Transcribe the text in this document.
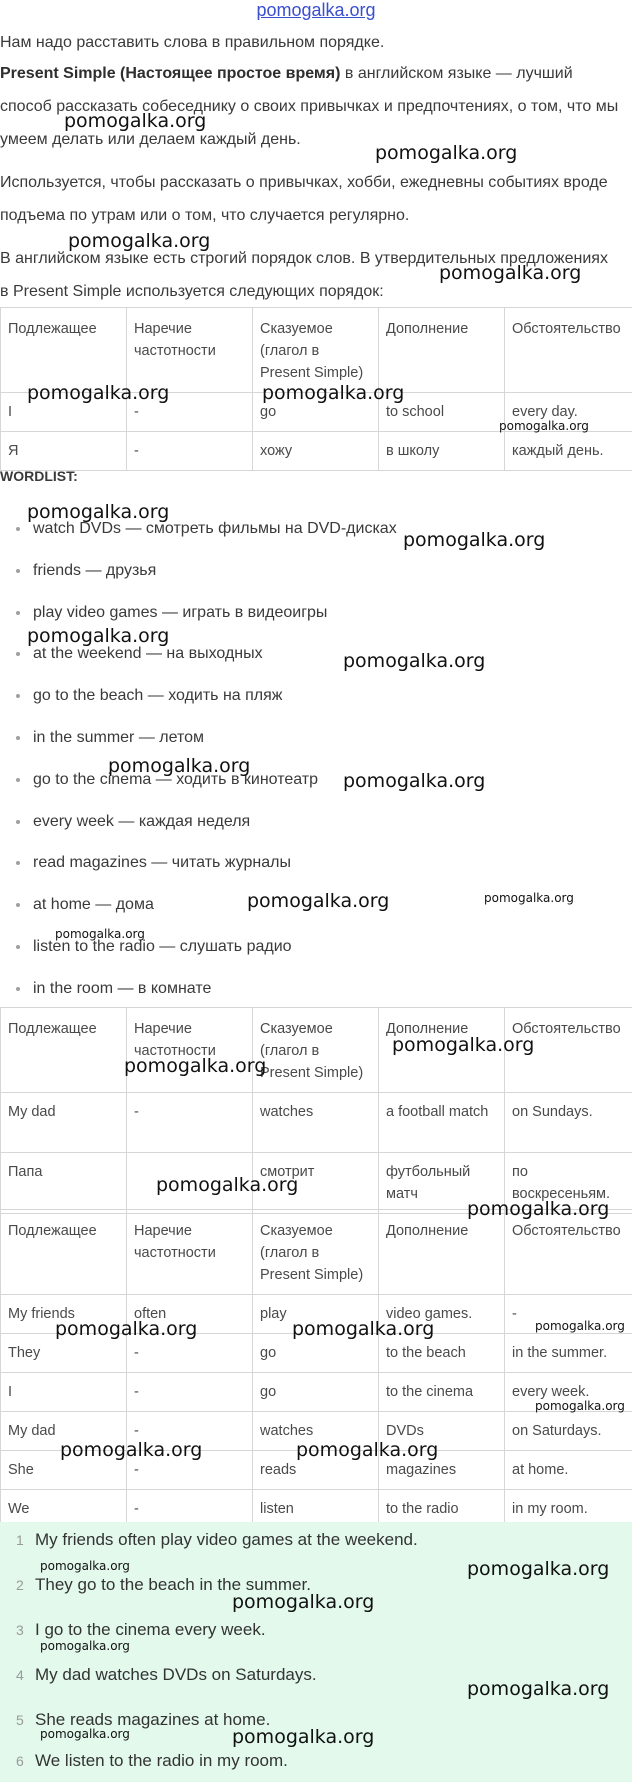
pomogalka.org

Нам надо расставить слова в правильном порядке.

Present Simple (Настоящее простое время) в английском языке — лучший способ рассказать собеседнику о своих привычках и предпочтениях, о том, что мы умеем делать или делаем каждый день.

Используется, чтобы рассказать о привычках, хобби, ежедневны событиях вроде подъема по утрам или о том, что случается регулярно.

В английском языке есть строгий порядок слов. В утвердительных предложениях в Present Simple используется следующих порядок:

Подлежащее	Наречие частотности	Сказуемое (глагол в Present Simple)	Дополнение	Обстоятельство
I	-	go	to school	every day.
Я	-	хожу	в школу	каждый день.
WORDLIST:
watch DVDs — смотреть фильмы на DVD-дисках
friends — друзья
play video games — играть в видеоигры
at the weekend — на выходных
go to the beach — ходить на пляж
in the summer — летом
go to the cinema — ходить в кинотеатр
every week — каждая неделя
read magazines — читать журналы
at home — дома
listen to the radio — слушать радио
in the room — в комнате
Подлежащее	Наречие частотности	Сказуемое (глагол в Present Simple)	Дополнение	Обстоятельство
My dad	-	watches	a football match	on Sundays.
Папа		смотрит	футбольный матч	по воскресеньям.
Подлежащее	Наречие частотности	Сказуемое (глагол в Present Simple)	Дополнение	Обстоятельство
My friends	often	play	video games.	-
They	-	go	to the beach	in the summer.
I	-	go	to the cinema	every week.
My dad	-	watches	DVDs	on Saturdays.
She	-	reads	magazines	at home.
We	-	listen	to the radio	in my room.
1 My friends often play video games at the weekend.
2 They go to the beach in the summer.
3 I go to the cinema every week.
4 My dad watches DVDs on Saturdays.
5 She reads magazines at home.
6 We listen to the radio in my room.
pomogalka.org
pomogalka.org
pomogalka.org
pomogalka.org
pomogalka.org	pomogalka.org
pomogalka.org
pomogalka.org
pomogalka.org
pomogalka.org
pomogalka.org
pomogalka.org
pomogalka.org
pomogalka.org	pomogalka.org
pomogalka.org
pomogalka.org
pomogalka.org
pomogalka.org
pomogalka.org
pomogalka.org	pomogalka.org	pomogalka.org
pomogalka.org
pomogalka.org	pomogalka.org
pomogalka.org	pomogalka.org
pomogalka.org
pomogalka.org
pomogalka.org
pomogalka.org	pomogalka.org
